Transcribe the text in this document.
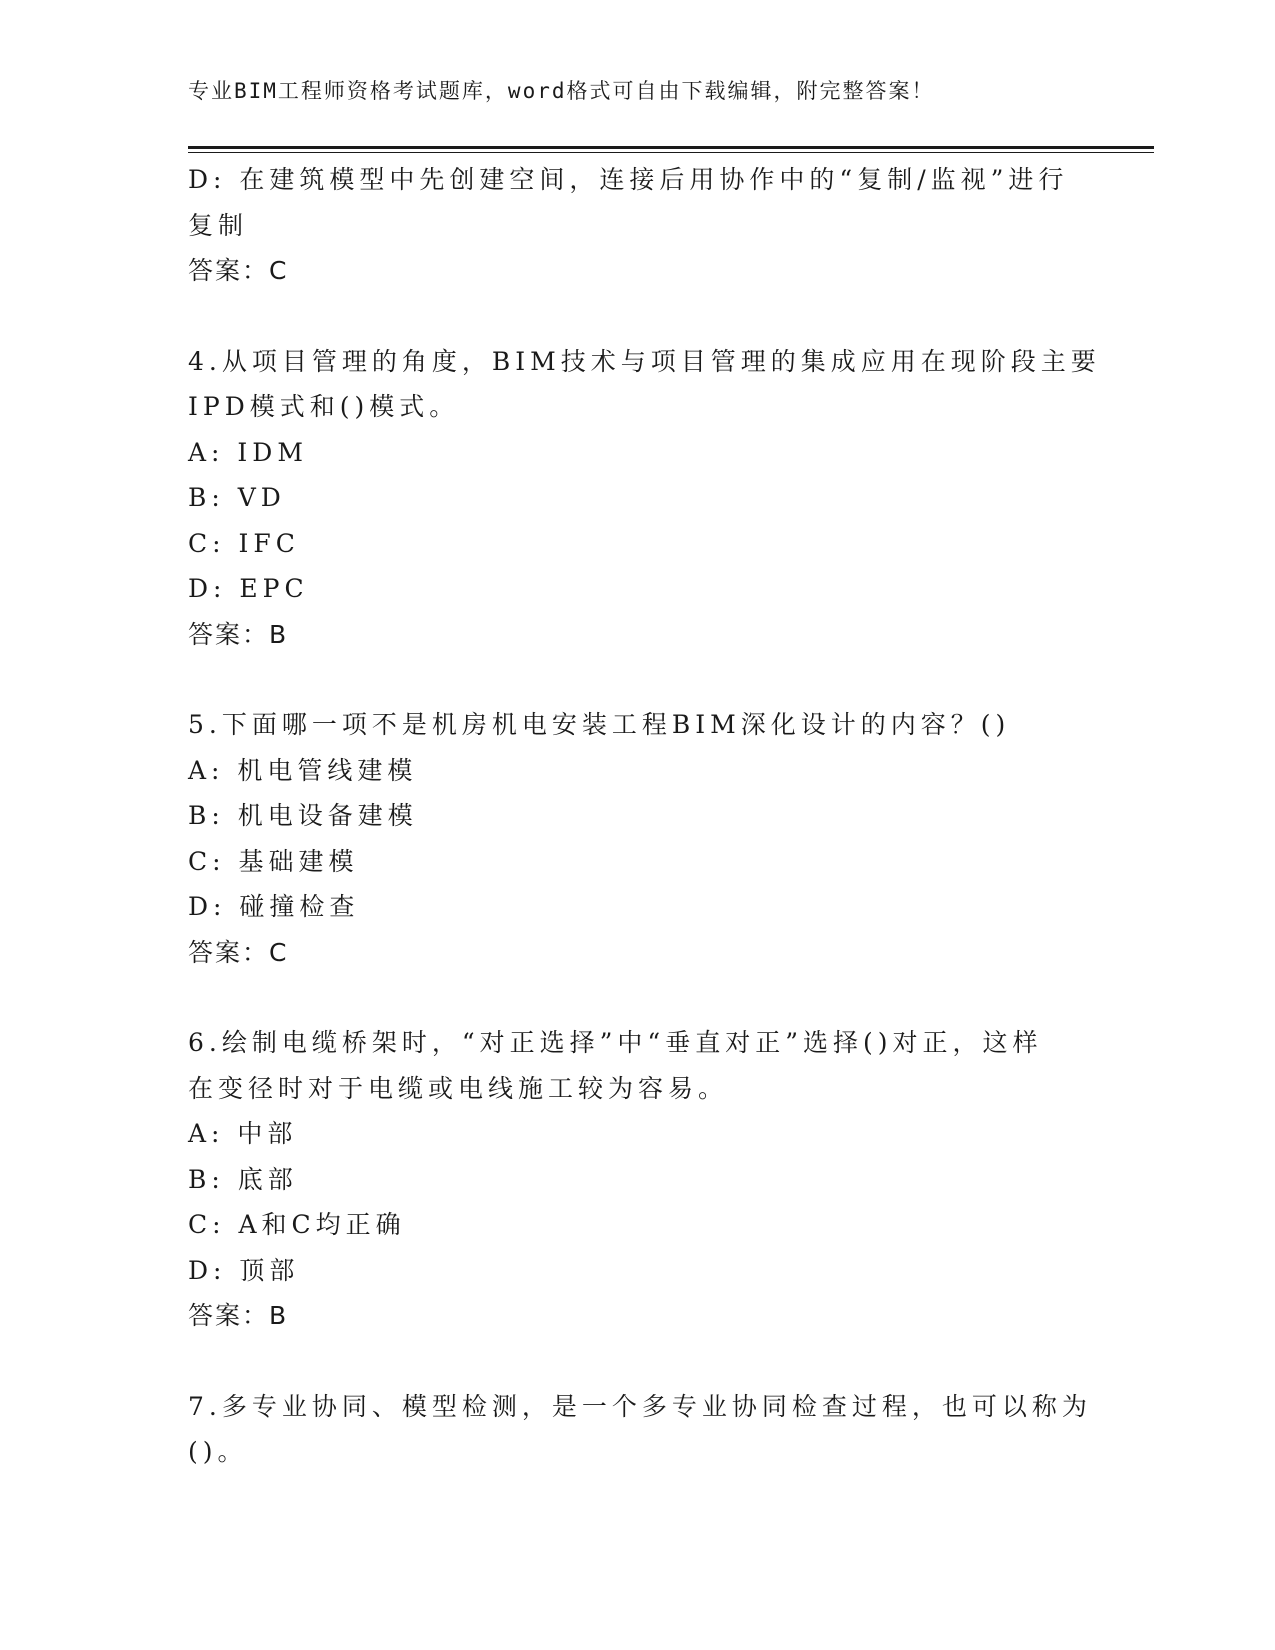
专业BIM工程师资格考试题库，word格式可自由下载编辑，附完整答案！
D: 在建筑模型中先创建空间，连接后用协作中的“复制/监视”进行
复制
答案：C
4.从项目管理的角度，BIM技术与项目管理的集成应用在现阶段主要
IPD模式和()模式。
A: IDM
B: VD
C: IFC
D: EPC
答案：B
5.下面哪一项不是机房机电安装工程BIM深化设计的内容？()
A: 机电管线建模
B: 机电设备建模
C: 基础建模
D: 碰撞检查
答案：C
6.绘制电缆桥架时，“对正选择”中“垂直对正”选择()对正，这样
在变径时对于电缆或电线施工较为容易。
A: 中部
B: 底部
C: A和C均正确
D: 顶部
答案：B
7.多专业协同、模型检测，是一个多专业协同检查过程，也可以称为
()。
